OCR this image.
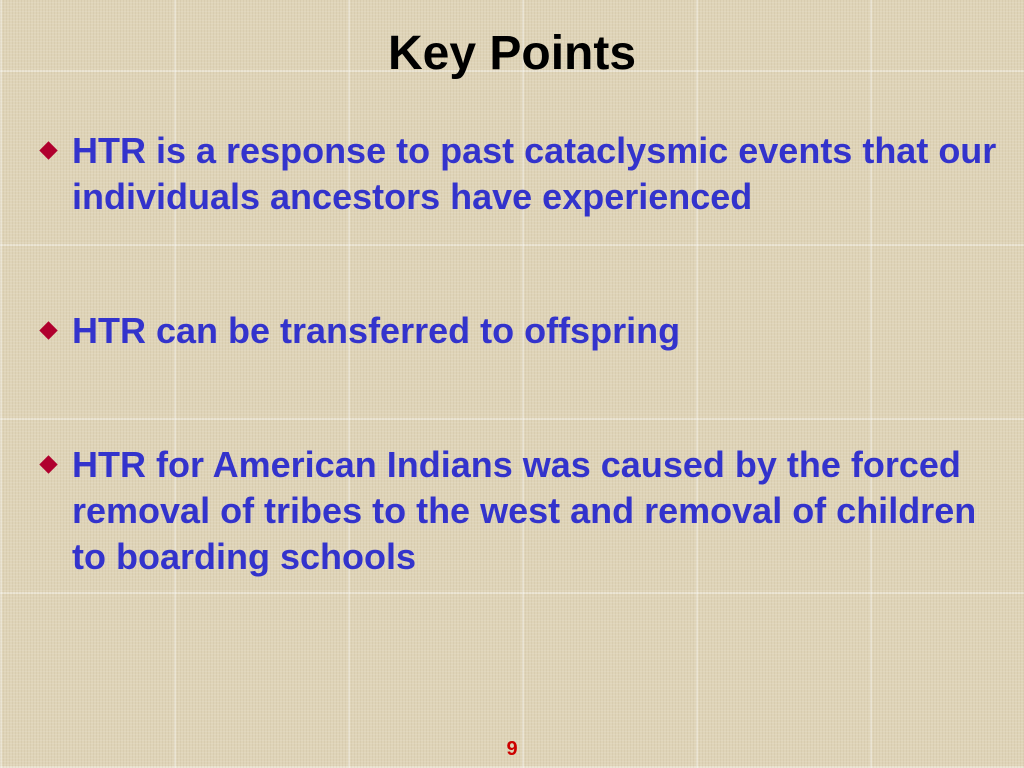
Key Points
HTR is a response to past cataclysmic events that our individuals ancestors have experienced
HTR can be transferred to offspring
HTR for American Indians was caused by the forced removal of tribes to the west and removal of children to boarding schools
9
